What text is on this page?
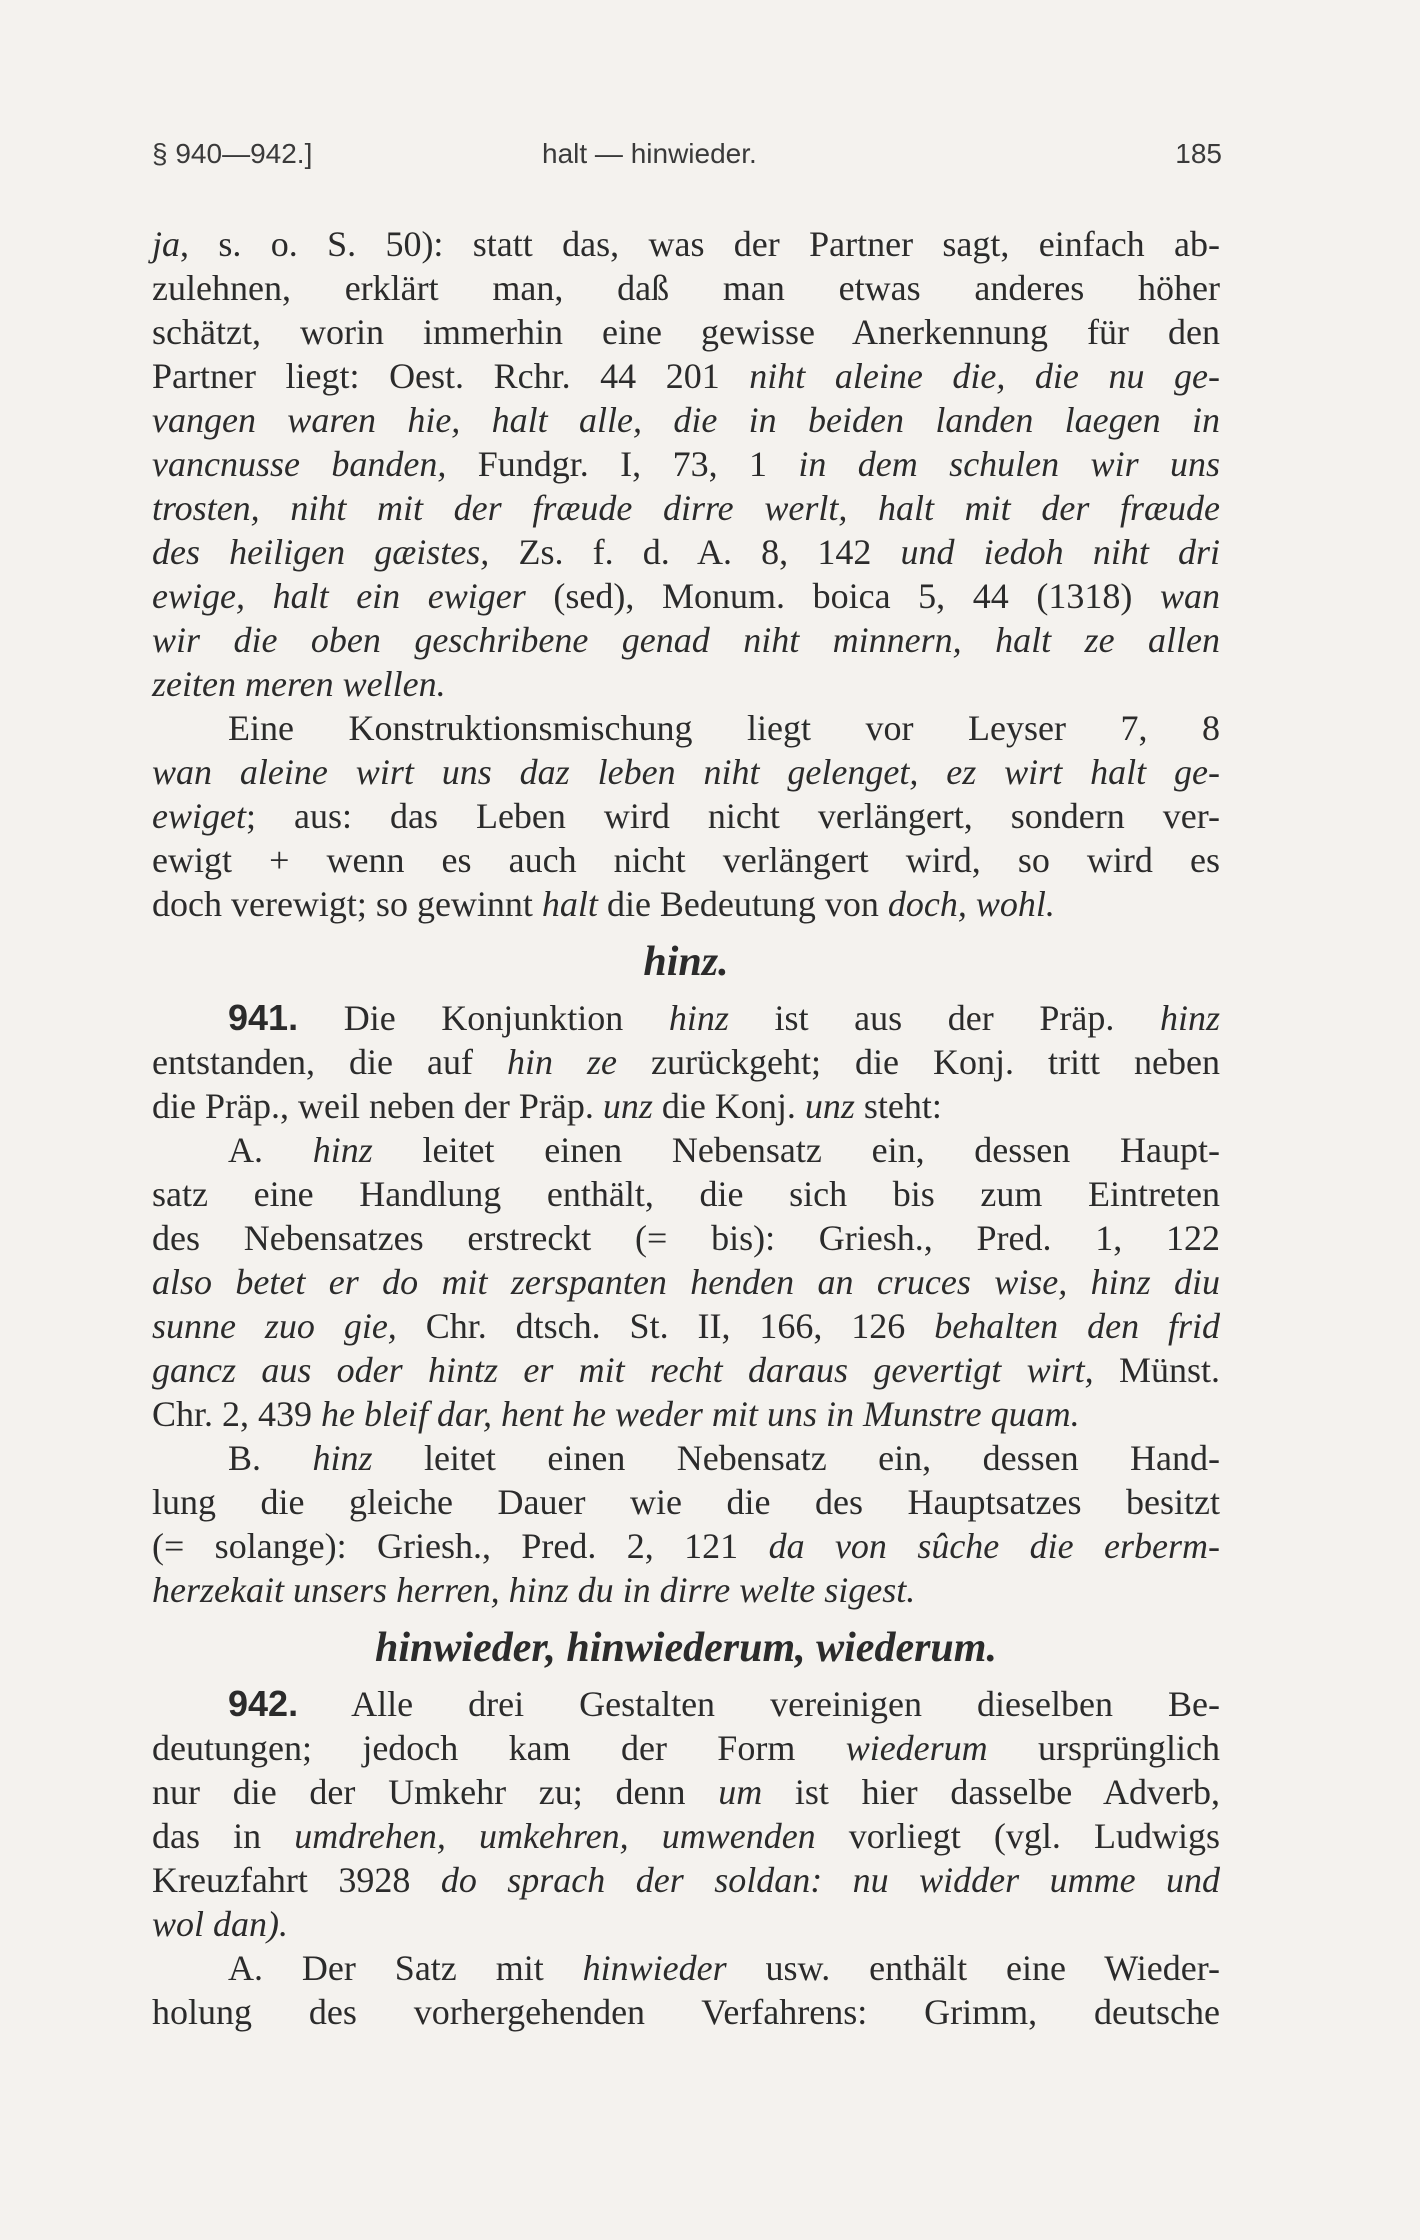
§ 940—942.]	halt — hinwieder.	185
ja, s. o. S. 50): statt das, was der Partner sagt, einfach ab-
zulehnen, erklärt man, daß man etwas anderes höher
schätzt, worin immerhin eine gewisse Anerkennung für den
Partner liegt: Oest. Rchr. 44 201 niht aleine die, die nu ge-
vangen waren hie, halt alle, die in beiden landen laegen in
vancnusse banden, Fundgr. I, 73, 1 in dem schulen wir uns
trosten, niht mit der fræude dirre werlt, halt mit der fræude
des heiligen gæistes, Zs. f. d. A. 8, 142 und iedoh niht dri
ewige, halt ein ewiger (sed), Monum. boica 5, 44 (1318) wan
wir die oben geschribene genad niht minnern, halt ze allen
zeiten meren wellen.
Eine Konstruktionsmischung liegt vor Leyser 7, 8
wan aleine wirt uns daz leben niht gelenget, ez wirt halt ge-
ewiget; aus: das Leben wird nicht verlängert, sondern ver-
ewigt + wenn es auch nicht verlängert wird, so wird es
doch verewigt; so gewinnt halt die Bedeutung von doch, wohl.
hinz.
941. Die Konjunktion hinz ist aus der Präp. hinz
entstanden, die auf hin ze zurückgeht; die Konj. tritt neben
die Präp., weil neben der Präp. unz die Konj. unz steht:
A. hinz leitet einen Nebensatz ein, dessen Haupt-
satz eine Handlung enthält, die sich bis zum Eintreten
des Nebensatzes erstreckt (= bis): Griesh., Pred. 1, 122
also betet er do mit zerspanten henden an cruces wise, hinz diu
sunne zuo gie, Chr. dtsch. St. II, 166, 126 behalten den frid
gancz aus oder hintz er mit recht daraus gevertigt wirt, Münst.
Chr. 2, 439 he bleif dar, hent he weder mit uns in Munstre quam.
B. hinz leitet einen Nebensatz ein, dessen Hand-
lung die gleiche Dauer wie die des Hauptsatzes besitzt
(= solange): Griesh., Pred. 2, 121 da von sûche die erberm-
herzekait unsers herren, hinz du in dirre welte sigest.
hinwieder, hinwiederum, wiederum.
942. Alle drei Gestalten vereinigen dieselben Be-
deutungen; jedoch kam der Form wiederum ursprünglich
nur die der Umkehr zu; denn um ist hier dasselbe Adverb,
das in umdrehen, umkehren, umwenden vorliegt (vgl. Ludwigs
Kreuzfahrt 3928 do sprach der soldan: nu widder umme und
wol dan).
A. Der Satz mit hinwieder usw. enthält eine Wieder-
holung des vorhergehenden Verfahrens: Grimm, deutsche
